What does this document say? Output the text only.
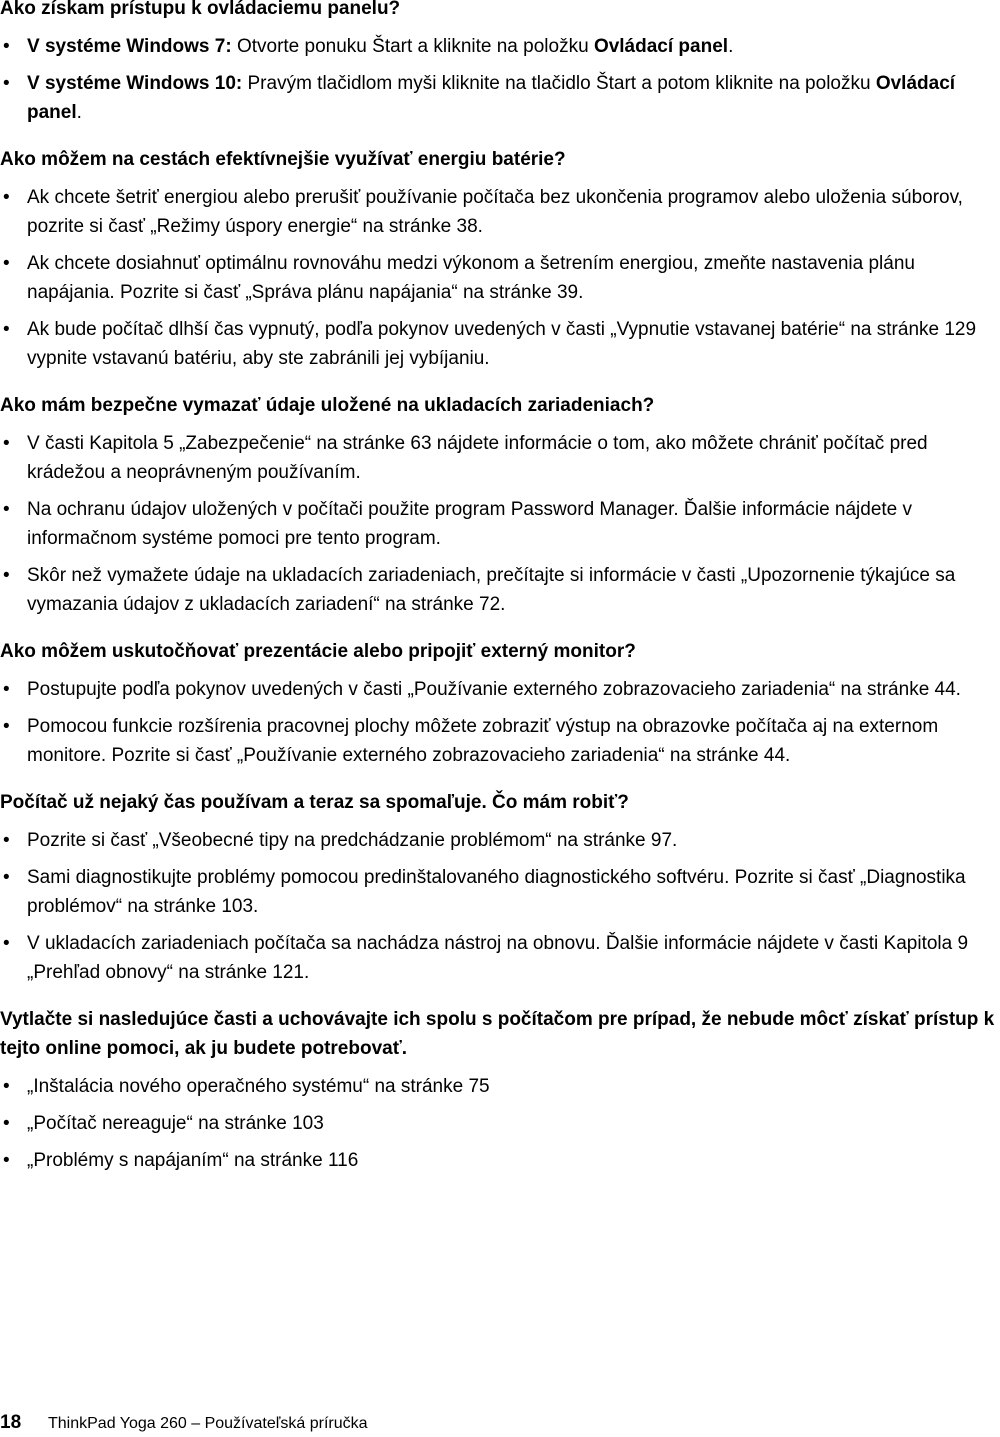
Ako získam prístupu k ovládaciemu panelu?
• V systéme Windows 7: Otvorte ponuku Štart a kliknite na položku Ovládací panel.
• V systéme Windows 10: Pravým tlačidlom myši kliknite na tlačidlo Štart a potom kliknite na položku Ovládací panel.
Ako môžem na cestách efektívnejšie využívať energiu batérie?
• Ak chcete šetriť energiou alebo prerušiť používanie počítača bez ukončenia programov alebo uloženia súborov, pozrite si časť „Režimy úspory energie“ na stránke 38.
• Ak chcete dosiahnuť optimálnu rovnováhu medzi výkonom a šetrením energiou, zmeňte nastavenia plánu napájania. Pozrite si časť „Správa plánu napájania“ na stránke 39.
• Ak bude počítač dlhší čas vypnutý, podľa pokynov uvedených v časti „Vypnutie vstavanej batérie“ na stránke 129 vypnite vstavanú batériu, aby ste zabránili jej vybíjaniu.
Ako mám bezpečne vymazať údaje uložené na ukladacích zariadeniach?
• V časti Kapitola 5 „Zabezpečenie“ na stránke 63 nájdete informácie o tom, ako môžete chrániť počítač pred krádežou a neoprávneným používaním.
• Na ochranu údajov uložených v počítači použite program Password Manager. Ďalšie informácie nájdete v informačnom systéme pomoci pre tento program.
• Skôr než vymažete údaje na ukladacích zariadeniach, prečítajte si informácie v časti „Upozornenie týkajúce sa vymazania údajov z ukladacích zariadení“ na stránke 72.
Ako môžem uskutočňovať prezentácie alebo pripojiť externý monitor?
• Postupujte podľa pokynov uvedených v časti „Používanie externého zobrazovacieho zariadenia“ na stránke 44.
• Pomocou funkcie rozšírenia pracovnej plochy môžete zobraziť výstup na obrazovke počítača aj na externom monitore. Pozrite si časť „Používanie externého zobrazovacieho zariadenia“ na stránke 44.
Počítač už nejaký čas používam a teraz sa spomaľuje. Čo mám robiť?
• Pozrite si časť „Všeobecné tipy na predchádzanie problémom“ na stránke 97.
• Sami diagnostikujte problémy pomocou predinštalovaného diagnostického softvéru. Pozrite si časť „Diagnostika problémov“ na stránke 103.
• V ukladacích zariadeniach počítača sa nachádza nástroj na obnovu. Ďalšie informácie nájdete v časti Kapitola 9 „Prehľad obnovy“ na stránke 121.
Vytlačte si nasledujúce časti a uchovávajte ich spolu s počítačom pre prípad, že nebude môcť získať prístup k tejto online pomoci, ak ju budete potrebovať.
• „Inštalácia nového operačného systému“ na stránke 75
• „Počítač nereaguje“ na stránke 103
• „Problémy s napájaním“ na stránke 116
18 ThinkPad Yoga 260 – Používateľská príručka
